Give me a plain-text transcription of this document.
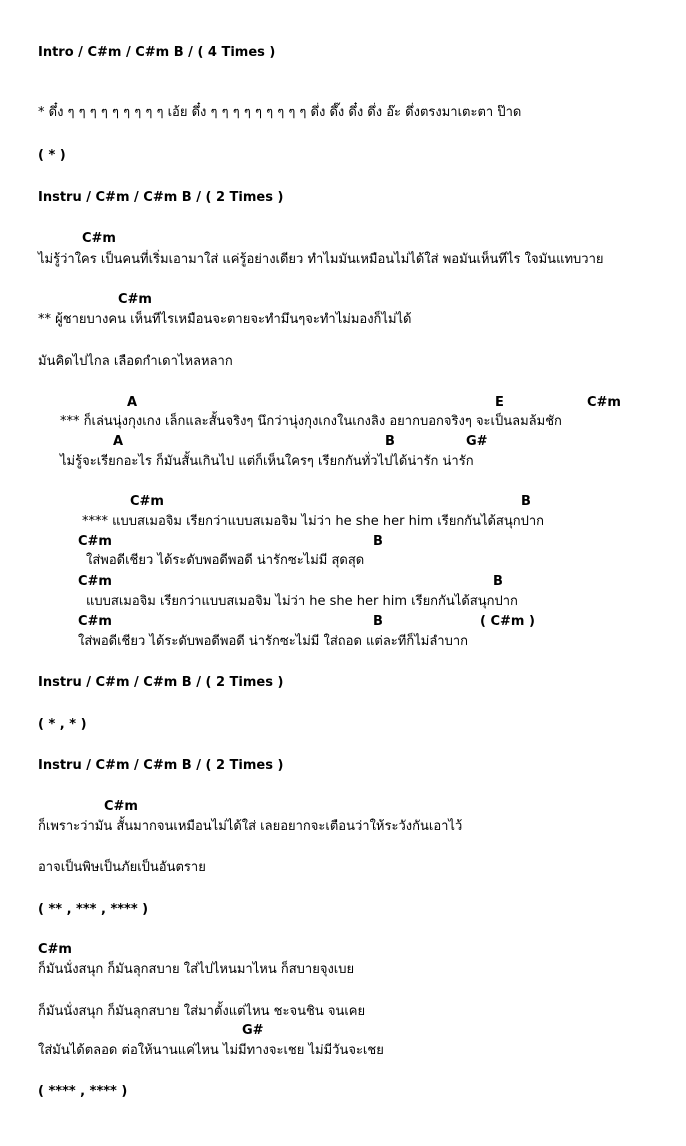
Intro / C#m / C#m B / ( 4 Times )
* ดึ๋ง ๆ ๆ ๆ ๆ ๆ ๆ ๆ ๆ ๆ เอ้ย ดึ๋ง ๆ ๆ ๆ ๆ ๆ ๆ ๆ ๆ ๆ ดึ่ง ดึ๊ง ดึ๋ง ดึ่ง อ๊ะ ดึ่งตรงมาเตะตา ป๊าด
( * )
Instru / C#m / C#m B / ( 2 Times )
C#m
ไม่รู้ว่าใคร เป็นคนที่เริ่มเอามาใส่ แค่รู้อย่างเดียว ทำไมมันเหมือนไม่ได้ใส่ พอมันเห็นทีไร ใจมันแทบวาย
C#m
** ผู้ชายบางคน เห็นทีไรเหมือนจะตายจะทำมึนๆจะทำไม่มองก็ไม่ได้
มันคิดไปไกล เลือดกำเดาไหลหลาก
A	E	C#m
*** ก็เล่นนุ่งกุงเกง เล็กและสั้นจริงๆ นึกว่านุ่งกุงเกงในเกงลิง อยากบอกจริงๆ จะเป็นลมล้มชัก
A	B	G#
ไม่รู้จะเรียกอะไร ก็มันสั้นเกินไป แต่ก็เห็นใครๆ เรียกกันทั่วไปได้น่ารัก น่ารัก
C#m	B
**** แบบสเมอจิม เรียกว่าแบบสเมอจิม ไม่ว่า he she her him เรียกกันได้สนุกปาก
C#m	B
ใส่พอดีเชียว ได้ระดับพอดีพอดี น่ารักซะไม่มี สุดสุด
C#m	B
แบบสเมอจิม เรียกว่าแบบสเมอจิม ไม่ว่า he she her him เรียกกันได้สนุกปาก
C#m	B	( C#m )
ใส่พอดีเชียว ได้ระดับพอดีพอดี น่ารักซะไม่มี ใส่ถอด แต่ละทีก็ไม่ลำบาก
Instru / C#m / C#m B / ( 2 Times )
( * , * )
Instru / C#m / C#m B / ( 2 Times )
C#m
ก็เพราะว่ามัน สั้นมากจนเหมือนไม่ได้ใส่ เลยอยากจะเตือนว่าให้ระวังกันเอาไว้
อาจเป็นพิษเป็นภัยเป็นอันตราย
( ** , *** , **** )
C#m
ก็มันนั่งสนุก ก็มันลุกสบาย ใส่ไปไหนมาไหน ก็สบายจุงเบย
ก็มันนั่งสนุก ก็มันลุกสบาย ใส่มาตั้งแต่ไหน ชะจนชิน จนเคย
G#
ใส่มันได้ตลอด ต่อให้นานแค่ไหน ไม่มีทางจะเชย ไม่มีวันจะเชย
( **** , **** )
